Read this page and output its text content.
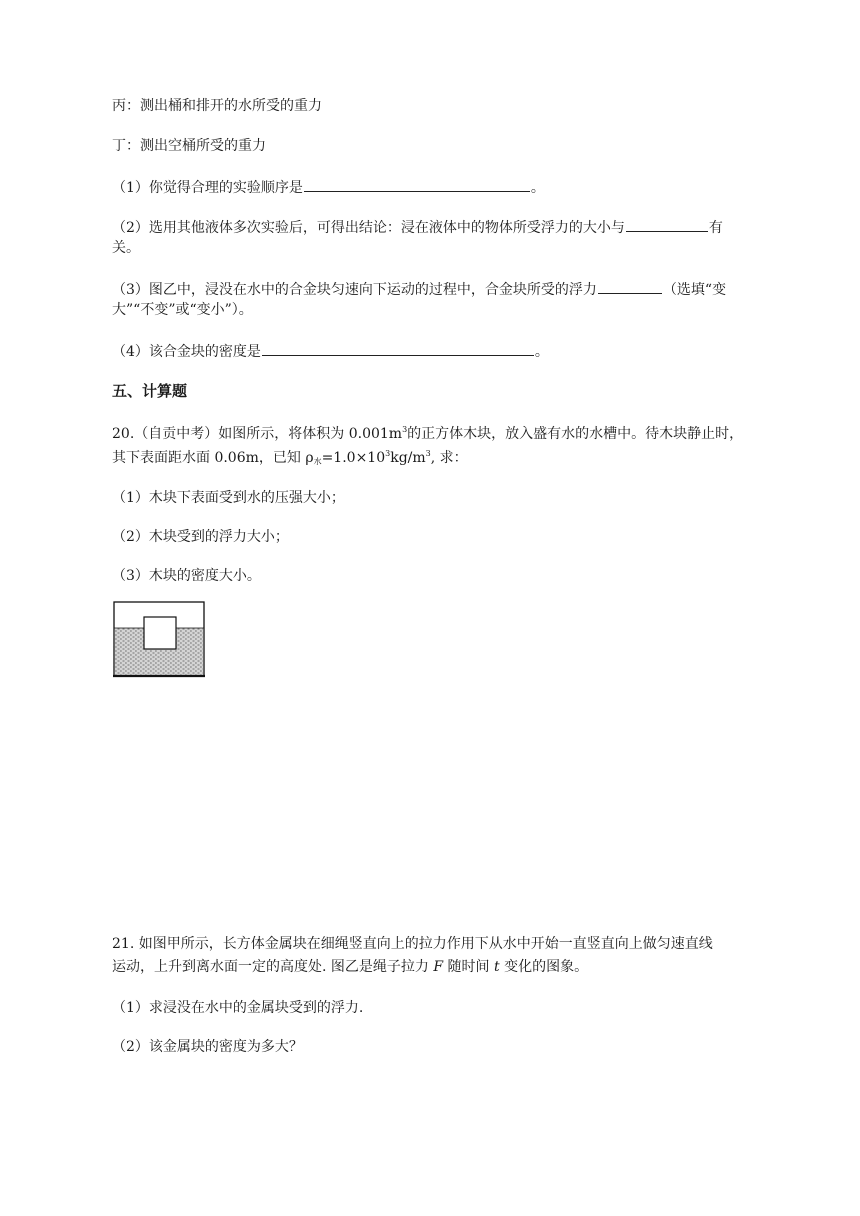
丙：测出桶和排开的水所受的重力
丁：测出空桶所受的重力
（1）你觉得合理的实验顺序是	。
（2）选用其他液体多次实验后，可得出结论：浸在液体中的物体所受浮力的大小与	有
关。
（3）图乙中，浸没在水中的合金块匀速向下运动的过程中，合金块所受的浮力	（选填“变
大”“不变”或“变小”）。
（4）该合金块的密度是	。
五、计算题
20.（自贡中考）如图所示，将体积为 $0.001m^3$的正方体木块，放入盛有水的水槽中。待木块静止时，
其下表面距水面 0.06m，已知 $\rho_水=1.0\times 10^3kg/m^3$, 求：
（1）木块下表面受到水的压强大小；
（2）木块受到的浮力大小；
（3）木块的密度大小。
21. 如图甲所示，长方体金属块在细绳竖直向上的拉力作用下从水中开始一直竖直向上做匀速直线
运动，上升到离水面一定的高度处. 图乙是绳子拉力 F 随时间 t 变化的图象。
（1）求浸没在水中的金属块受到的浮力.
（2）该金属块的密度为多大？
